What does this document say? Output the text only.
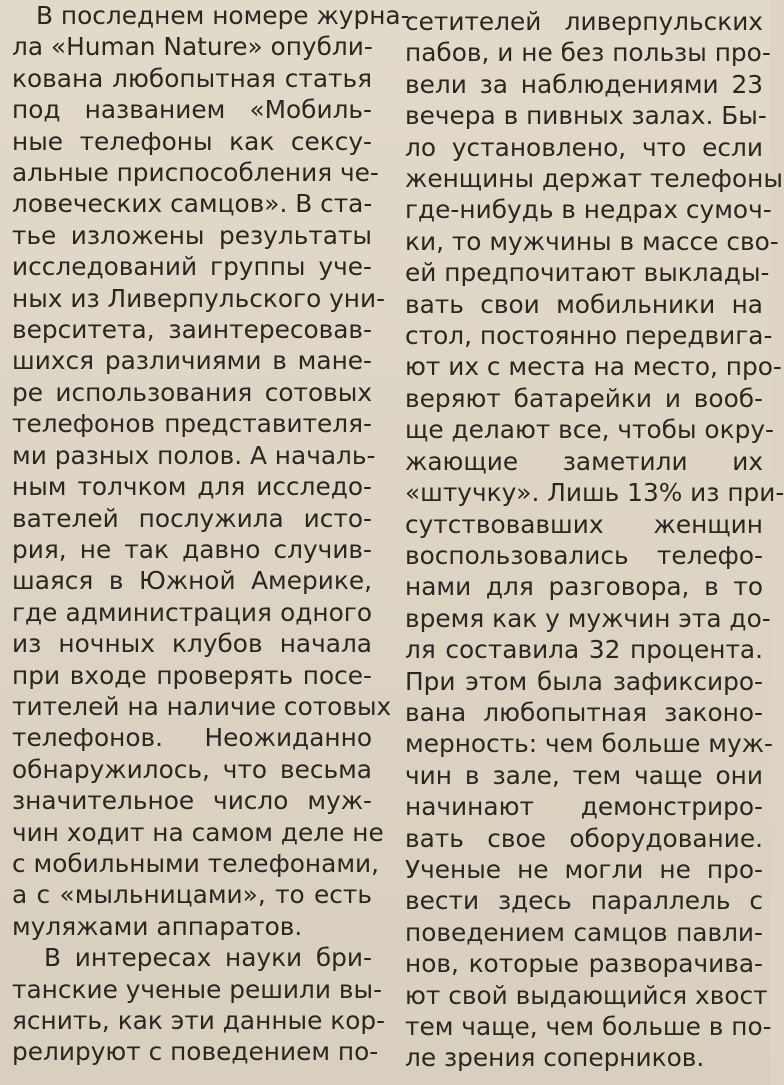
В последнем номере журна-
ла «Human Nature» опубли-
кована любопытная статья
под названием «Мобиль-
ные телефоны как сексу-
альные приспособления че-
ловеческих самцов». В ста-
тье изложены результаты
исследований группы уче-
ных из Ливерпульского уни-
верситета, заинтересовав-
шихся различиями в мане-
ре использования сотовых
телефонов представителя-
ми разных полов. А началь-
ным толчком для исследо-
вателей послужила исто-
рия, не так давно случив-
шаяся в Южной Америке,
где администрация одного
из ночных клубов начала
при входе проверять посе-
тителей на наличие сотовых
телефонов. Неожиданно
обнаружилось, что весьма
значительное число муж-
чин ходит на самом деле не
с мобильными телефонами,
а с «мыльницами», то есть
муляжами аппаратов.

В интересах науки бри-
танские ученые решили вы-
яснить, как эти данные кор-
релируют с поведением по-

сетителей ливерпульских
пабов, и не без пользы про-
вели за наблюдениями 23
вечера в пивных залах. Бы-
ло установлено, что если
женщины держат телефоны
где-нибудь в недрах сумоч-
ки, то мужчины в массе сво-
ей предпочитают выклады-
вать свои мобильники на
стол, постоянно передвига-
ют их с места на место, про-
веряют батарейки и вооб-
ще делают все, чтобы окру-
жающие заметили их
«штучку». Лишь 13% из при-
сутствовавших женщин
воспользовались телефо-
нами для разговора, в то
время как у мужчин эта до-
ля составила 32 процента.
При этом была зафиксиро-
вана любопытная законо-
мерность: чем больше муж-
чин в зале, тем чаще они
начинают демонстриро-
вать свое оборудование.
Ученые не могли не про-
вести здесь параллель с
поведением самцов павли-
нов, которые разворачива-
ют свой выдающийся хвост
тем чаще, чем больше в по-
ле зрения соперников.
